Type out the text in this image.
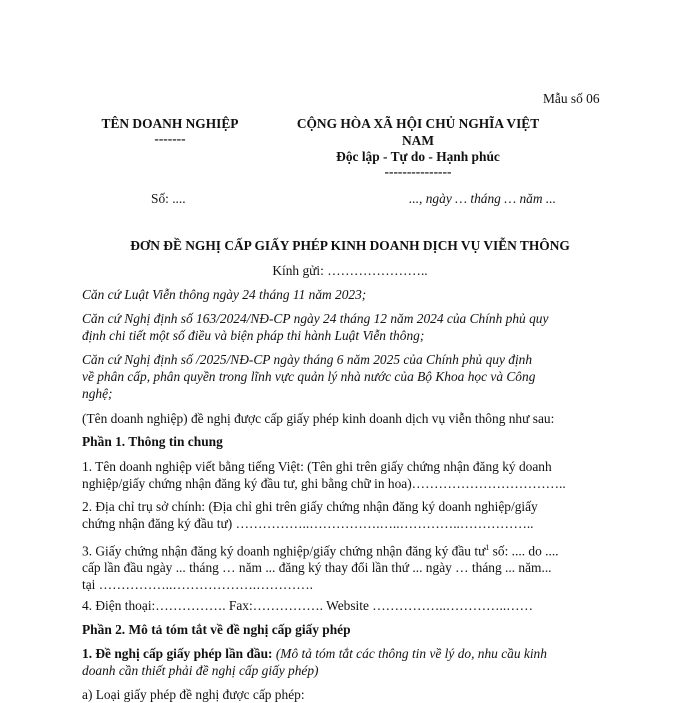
Mẫu số 06
TÊN DOANH NGHIỆP
-------
CỘNG HÒA XÃ HỘI CHỦ NGHĨA VIỆT
NAM
Độc lập - Tự do - Hạnh phúc
---------------
Số: ....	..., ngày … tháng … năm ...
ĐƠN ĐỀ NGHỊ CẤP GIẤY PHÉP KINH DOANH DỊCH VỤ VIỄN THÔNG
Kính gửi: …………………..
Căn cứ Luật Viễn thông ngày 24 tháng 11 năm 2023;
Căn cứ Nghị định số 163/2024/NĐ-CP ngày 24 tháng 12 năm 2024 của Chính phủ quy
định chi tiết một số điều và biện pháp thi hành Luật Viễn thông;
Căn cứ Nghị định số /2025/NĐ-CP ngày tháng 6 năm 2025 của Chính phủ quy định
về phân cấp, phân quyền trong lĩnh vực quản lý nhà nước của Bộ Khoa học và Công
nghệ;
(Tên doanh nghiệp) đề nghị được cấp giấy phép kinh doanh dịch vụ viễn thông như sau:
Phần 1. Thông tin chung
1. Tên doanh nghiệp viết bằng tiếng Việt: (Tên ghi trên giấy chứng nhận đăng ký doanh
nghiệp/giấy chứng nhận đăng ký đầu tư, ghi bằng chữ in hoa)……………………………..
2. Địa chỉ trụ sở chính: (Địa chỉ ghi trên giấy chứng nhận đăng ký doanh nghiệp/giấy
chứng nhận đăng ký đầu tư) ……………..…………….…..…………..……………..
3. Giấy chứng nhận đăng ký doanh nghiệp/giấy chứng nhận đăng ký đầu $tư^1$ số: .... do ....
cấp lần đầu ngày ... tháng … năm ... đăng ký thay đổi lần thứ ... ngày … tháng ... năm...
tại ……………..……………….………….
4. Điện thoại:……………. Fax:……………. Website ……………..…………..……
Phần 2. Mô tả tóm tắt về đề nghị cấp giấy phép
1. Đề nghị cấp giấy phép lần đầu: (Mô tả tóm tắt các thông tin về lý do, nhu cầu kinh
doanh cần thiết phải đề nghị cấp giấy phép)
a) Loại giấy phép đề nghị được cấp phép:
